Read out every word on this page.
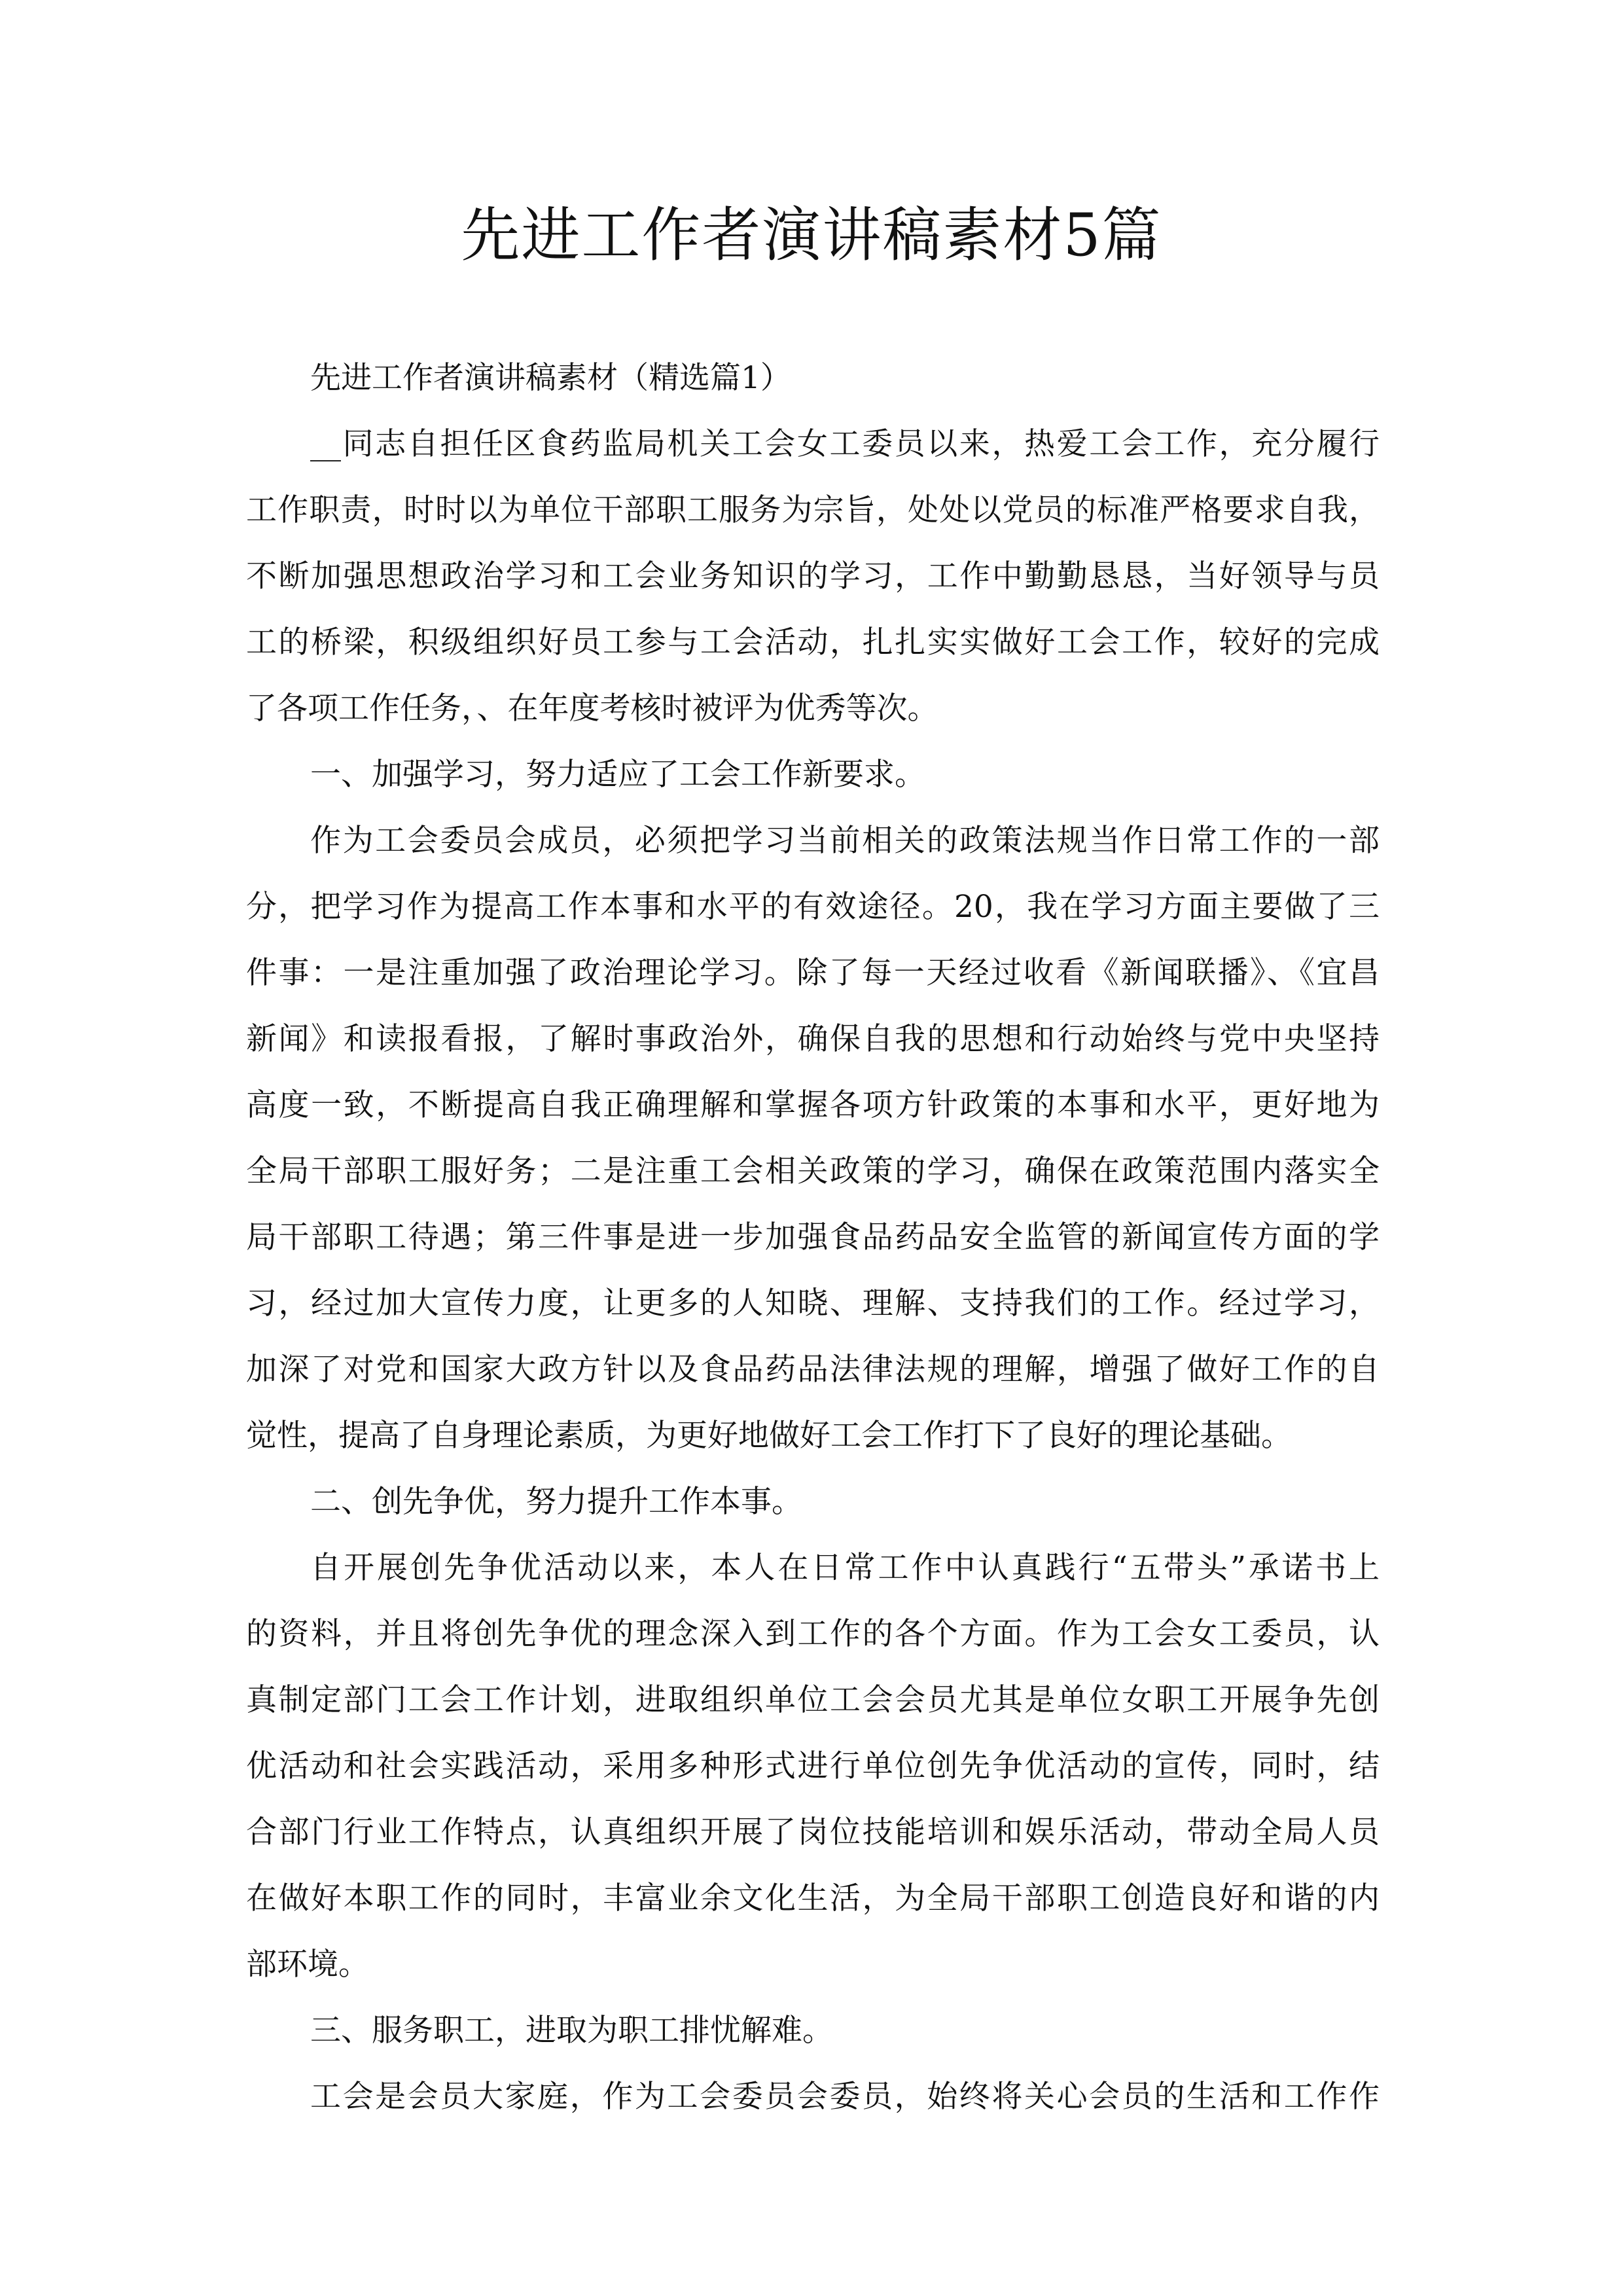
先进工作者演讲稿素材5篇
先进工作者演讲稿素材（精选篇1）
__同志自担任区食药监局机关工会女工委员以来，热爱工会工作，充分履行
工作职责，时时以为单位干部职工服务为宗旨，处处以党员的标准严格要求自我，
不断加强思想政治学习和工会业务知识的学习，工作中勤勤恳恳，当好领导与员
工的桥梁，积级组织好员工参与工会活动，扎扎实实做好工会工作，较好的完成
了各项工作任务，、在年度考核时被评为优秀等次。
一、加强学习，努力适应了工会工作新要求。
作为工会委员会成员，必须把学习当前相关的政策法规当作日常工作的一部
分，把学习作为提高工作本事和水平的有效途径。20，我在学习方面主要做了三
件事：一是注重加强了政治理论学习。除了每一天经过收看《新闻联播》、《宜昌
新闻》和读报看报，了解时事政治外，确保自我的思想和行动始终与党中央坚持
高度一致，不断提高自我正确理解和掌握各项方针政策的本事和水平，更好地为
全局干部职工服好务；二是注重工会相关政策的学习，确保在政策范围内落实全
局干部职工待遇；第三件事是进一步加强食品药品安全监管的新闻宣传方面的学
习，经过加大宣传力度，让更多的人知晓、理解、支持我们的工作。经过学习，
加深了对党和国家大政方针以及食品药品法律法规的理解，增强了做好工作的自
觉性，提高了自身理论素质，为更好地做好工会工作打下了良好的理论基础。
二、创先争优，努力提升工作本事。
自开展创先争优活动以来，本人在日常工作中认真践行“五带头”承诺书上
的资料，并且将创先争优的理念深入到工作的各个方面。作为工会女工委员，认
真制定部门工会工作计划，进取组织单位工会会员尤其是单位女职工开展争先创
优活动和社会实践活动，采用多种形式进行单位创先争优活动的宣传，同时，结
合部门行业工作特点，认真组织开展了岗位技能培训和娱乐活动，带动全局人员
在做好本职工作的同时，丰富业余文化生活，为全局干部职工创造良好和谐的内
部环境。
三、服务职工，进取为职工排忧解难。
工会是会员大家庭，作为工会委员会委员，始终将关心会员的生活和工作作
